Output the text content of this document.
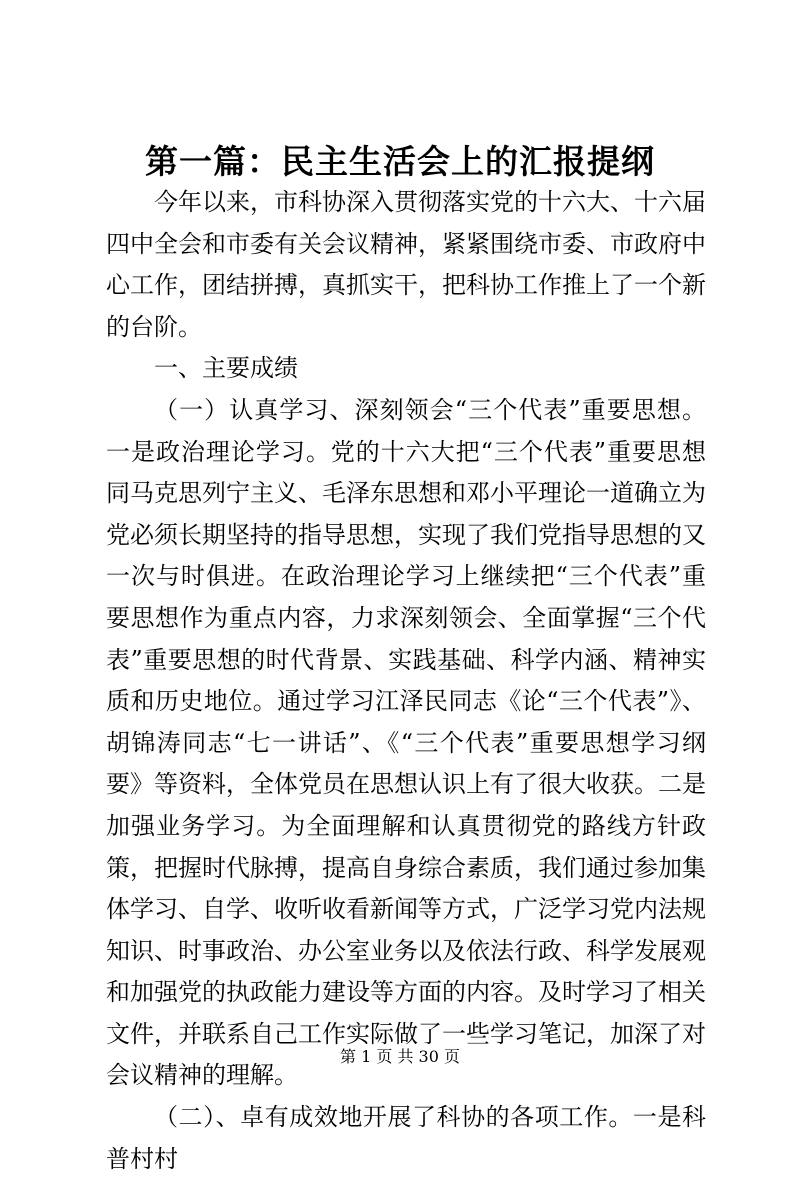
第一篇：民主生活会上的汇报提纲

今年以来，市科协深入贯彻落实党的十六大、十六届四中全会和市委有关会议精神，紧紧围绕市委、市政府中心工作，团结拼搏，真抓实干，把科协工作推上了一个新的台阶。

一、主要成绩

（一）认真学习、深刻领会“三个代表”重要思想。一是政治理论学习。党的十六大把“三个代表”重要思想同马克思列宁主义、毛泽东思想和邓小平理论一道确立为党必须长期坚持的指导思想，实现了我们党指导思想的又一次与时俱进。在政治理论学习上继续把“三个代表”重要思想作为重点内容，力求深刻领会、全面掌握“三个代表”重要思想的时代背景、实践基础、科学内涵、精神实质和历史地位。通过学习江泽民同志《论“三个代表”》、胡锦涛同志“七一讲话”、《“三个代表”重要思想学习纲要》等资料，全体党员在思想认识上有了很大收获。二是加强业务学习。为全面理解和认真贯彻党的路线方针政策，把握时代脉搏，提高自身综合素质，我们通过参加集体学习、自学、收听收看新闻等方式，广泛学习党内法规知识、时事政治、办公室业务以及依法行政、科学发展观和加强党的执政能力建设等方面的内容。及时学习了相关文件，并联系自己工作实际做了一些学习笔记，加深了对会议精神的理解。

（二）、卓有成效地开展了科协的各项工作。一是科普村村

第 1 页 共 30 页
